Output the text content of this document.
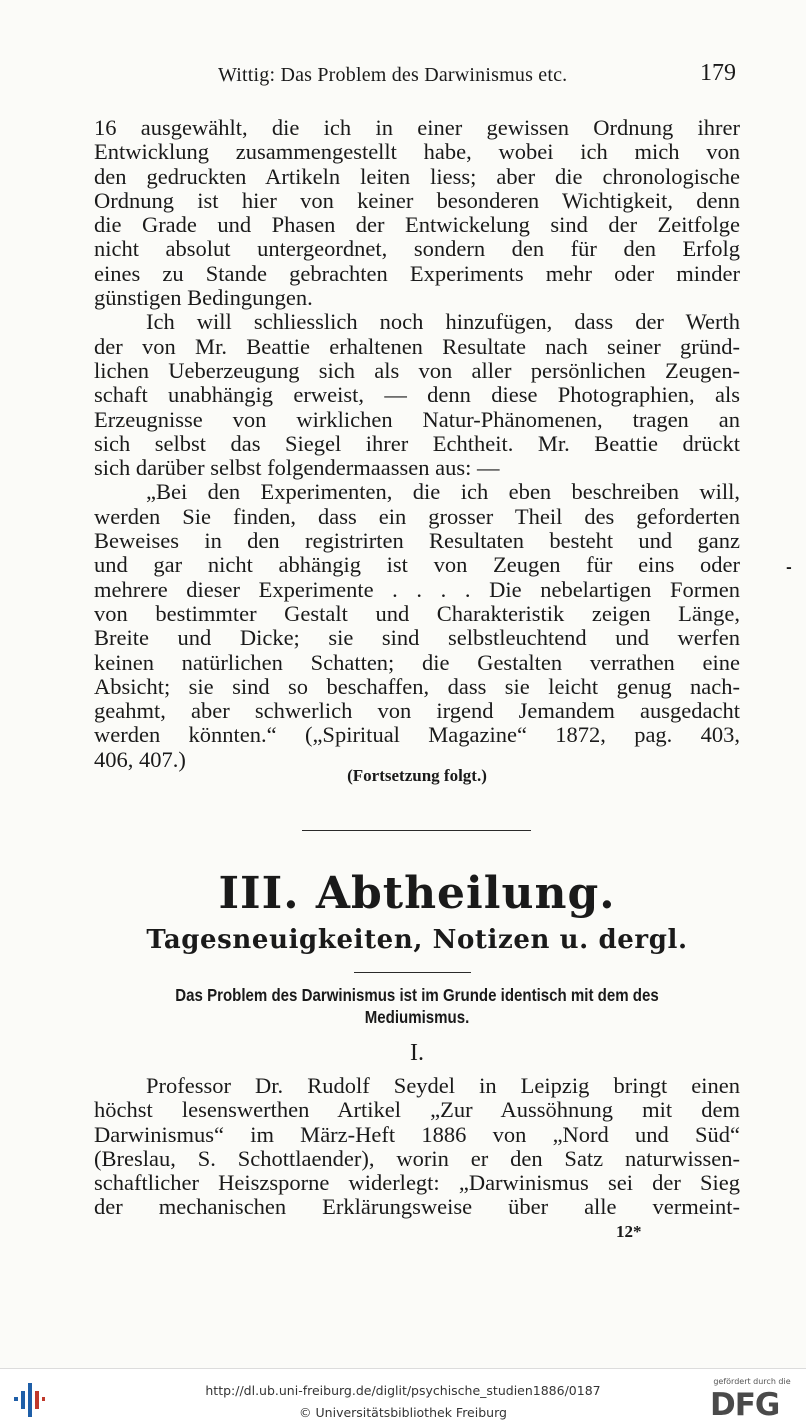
Wittig: Das Problem des Darwinismus etc.	179
16 ausgewählt, die ich in einer gewissen Ordnung ihrer
Entwicklung zusammengestellt habe, wobei ich mich von
den gedruckten Artikeln leiten liess; aber die chronologische
Ordnung ist hier von keiner besonderen Wichtigkeit, denn
die Grade und Phasen der Entwickelung sind der Zeitfolge
nicht absolut untergeordnet, sondern den für den Erfolg
eines zu Stande gebrachten Experiments mehr oder minder
günstigen Bedingungen.
Ich will schliesslich noch hinzufügen, dass der Werth
der von Mr. Beattie erhaltenen Resultate nach seiner gründ-
lichen Ueberzeugung sich als von aller persönlichen Zeugen-
schaft unabhängig erweist, — denn diese Photographien, als
Erzeugnisse von wirklichen Natur-Phänomenen, tragen an
sich selbst das Siegel ihrer Echtheit. Mr. Beattie drückt
sich darüber selbst folgendermaassen aus: —
„Bei den Experimenten, die ich eben beschreiben will,
werden Sie finden, dass ein grosser Theil des geforderten
Beweises in den registrirten Resultaten besteht und ganz
und gar nicht abhängig ist von Zeugen für eins oder
mehrere dieser Experimente . . . . Die nebelartigen Formen
von bestimmter Gestalt und Charakteristik zeigen Länge,
Breite und Dicke; sie sind selbstleuchtend und werfen
keinen natürlichen Schatten; die Gestalten verrathen eine
Absicht; sie sind so beschaffen, dass sie leicht genug nach-
geahmt, aber schwerlich von irgend Jemandem ausgedacht
werden könnten.“ („Spiritual Magazine“ 1872, pag. 403,
406, 407.)
(Fortsetzung folgt.)
III. Abtheilung.
Tagesneuigkeiten, Notizen u. dergl.
Das Problem des Darwinismus ist im Grunde identisch mit dem des
Mediumismus.
I.
Professor Dr. Rudolf Seydel in Leipzig bringt einen
höchst lesenswerthen Artikel „Zur Aussöhnung mit dem
Darwinismus“ im März-Heft 1886 von „Nord und Süd“
(Breslau, S. Schottlaender), worin er den Satz naturwissen-
schaftlicher Heiszsporne widerlegt: „Darwinismus sei der Sieg
der mechanischen Erklärungsweise über alle vermeint-
12*
-
http://dl.ub.uni-freiburg.de/diglit/psychische_studien1886/0187
© Universitätsbibliothek Freiburg
gefördert durch die
DFG
